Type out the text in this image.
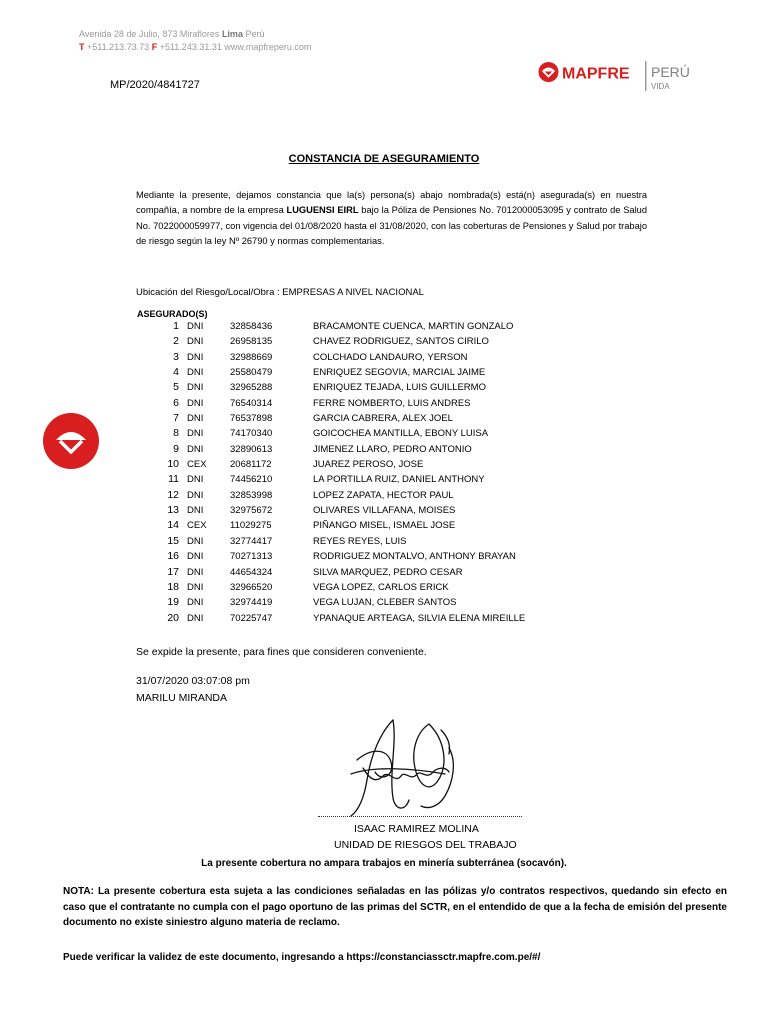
Avenida 28 de Julio, 873 Miraflores Lima Perú
T +511.213.73.73 F +511.243.31.31 www.mapfreperu.com
MP/2020/4841727
MAPFRE PERÚ
VIDA
CONSTANCIA DE ASEGURAMIENTO
Mediante la presente, dejamos constancia que la(s) persona(s) abajo nombrada(s) está(n) asegurada(s) en nuestra compañía, a nombre de la empresa LUGUENSI EIRL bajo la Póliza de Pensiones No. 7012000053095 y contrato de Salud No. 7022000059977, con vigencia del 01/08/2020 hasta el 31/08/2020, con las coberturas de Pensiones y Salud por trabajo de riesgo según la ley Nº 26790 y normas complementarias.
Ubicación del Riesgo/Local/Obra : EMPRESAS A NIVEL NACIONAL
ASEGURADO(S)
1 DNI	32858436	BRACAMONTE CUENCA, MARTIN GONZALO
2 DNI	26958135	CHAVEZ RODRIGUEZ, SANTOS CIRILO
3 DNI	32988669	COLCHADO LANDAURO, YERSON
4 DNI	25580479	ENRIQUEZ SEGOVIA, MARCIAL JAIME
5 DNI	32965288	ENRIQUEZ TEJADA, LUIS GUILLERMO
6 DNI	76540314	FERRE NOMBERTO, LUIS ANDRES
7 DNI	76537898	GARCIA CABRERA, ALEX JOEL
8 DNI	74170340	GOICOCHEA MANTILLA, EBONY LUISA
9 DNI	32890613	JIMENEZ LLARO, PEDRO ANTONIO
10 CEX 20681172	JUAREZ PEROSO, JOSE
11 DNI	74456210	LA PORTILLA RUIZ, DANIEL ANTHONY
12 DNI	32853998	LOPEZ ZAPATA, HECTOR PAUL
13 DNI	32975672	OLIVARES VILLAFANA, MOISES
14 CEX 11029275	PIÑANGO MISEL, ISMAEL JOSE
15 DNI	32774417	REYES REYES, LUIS
16 DNI	70271313	RODRIGUEZ MONTALVO, ANTHONY BRAYAN
17 DNI	44654324	SILVA MARQUEZ, PEDRO CESAR
18 DNI	32966520	VEGA LOPEZ, CARLOS ERICK
19 DNI	32974419	VEGA LUJAN, CLEBER SANTOS
20 DNI	70225747	YPANAQUE ARTEAGA, SILVIA ELENA MIREILLE
Se expide la presente, para fines que consideren conveniente.
31/07/2020 03:07:08 pm
MARILU MIRANDA
ISAAC RAMIREZ MOLINA
UNIDAD DE RIESGOS DEL TRABAJO
La presente cobertura no ampara trabajos en minería subterránea (socavón).
NOTA: La presente cobertura esta sujeta a las condiciones señaladas en las pólizas y/o contratos respectivos, quedando sin efecto en caso que el contratante no cumpla con el pago oportuno de las primas del SCTR, en el entendido de que a la fecha de emisión del presente documento no existe siniestro alguno materia de reclamo.
Puede verificar la validez de este documento, ingresando a https://constanciassctr.mapfre.com.pe/#/
